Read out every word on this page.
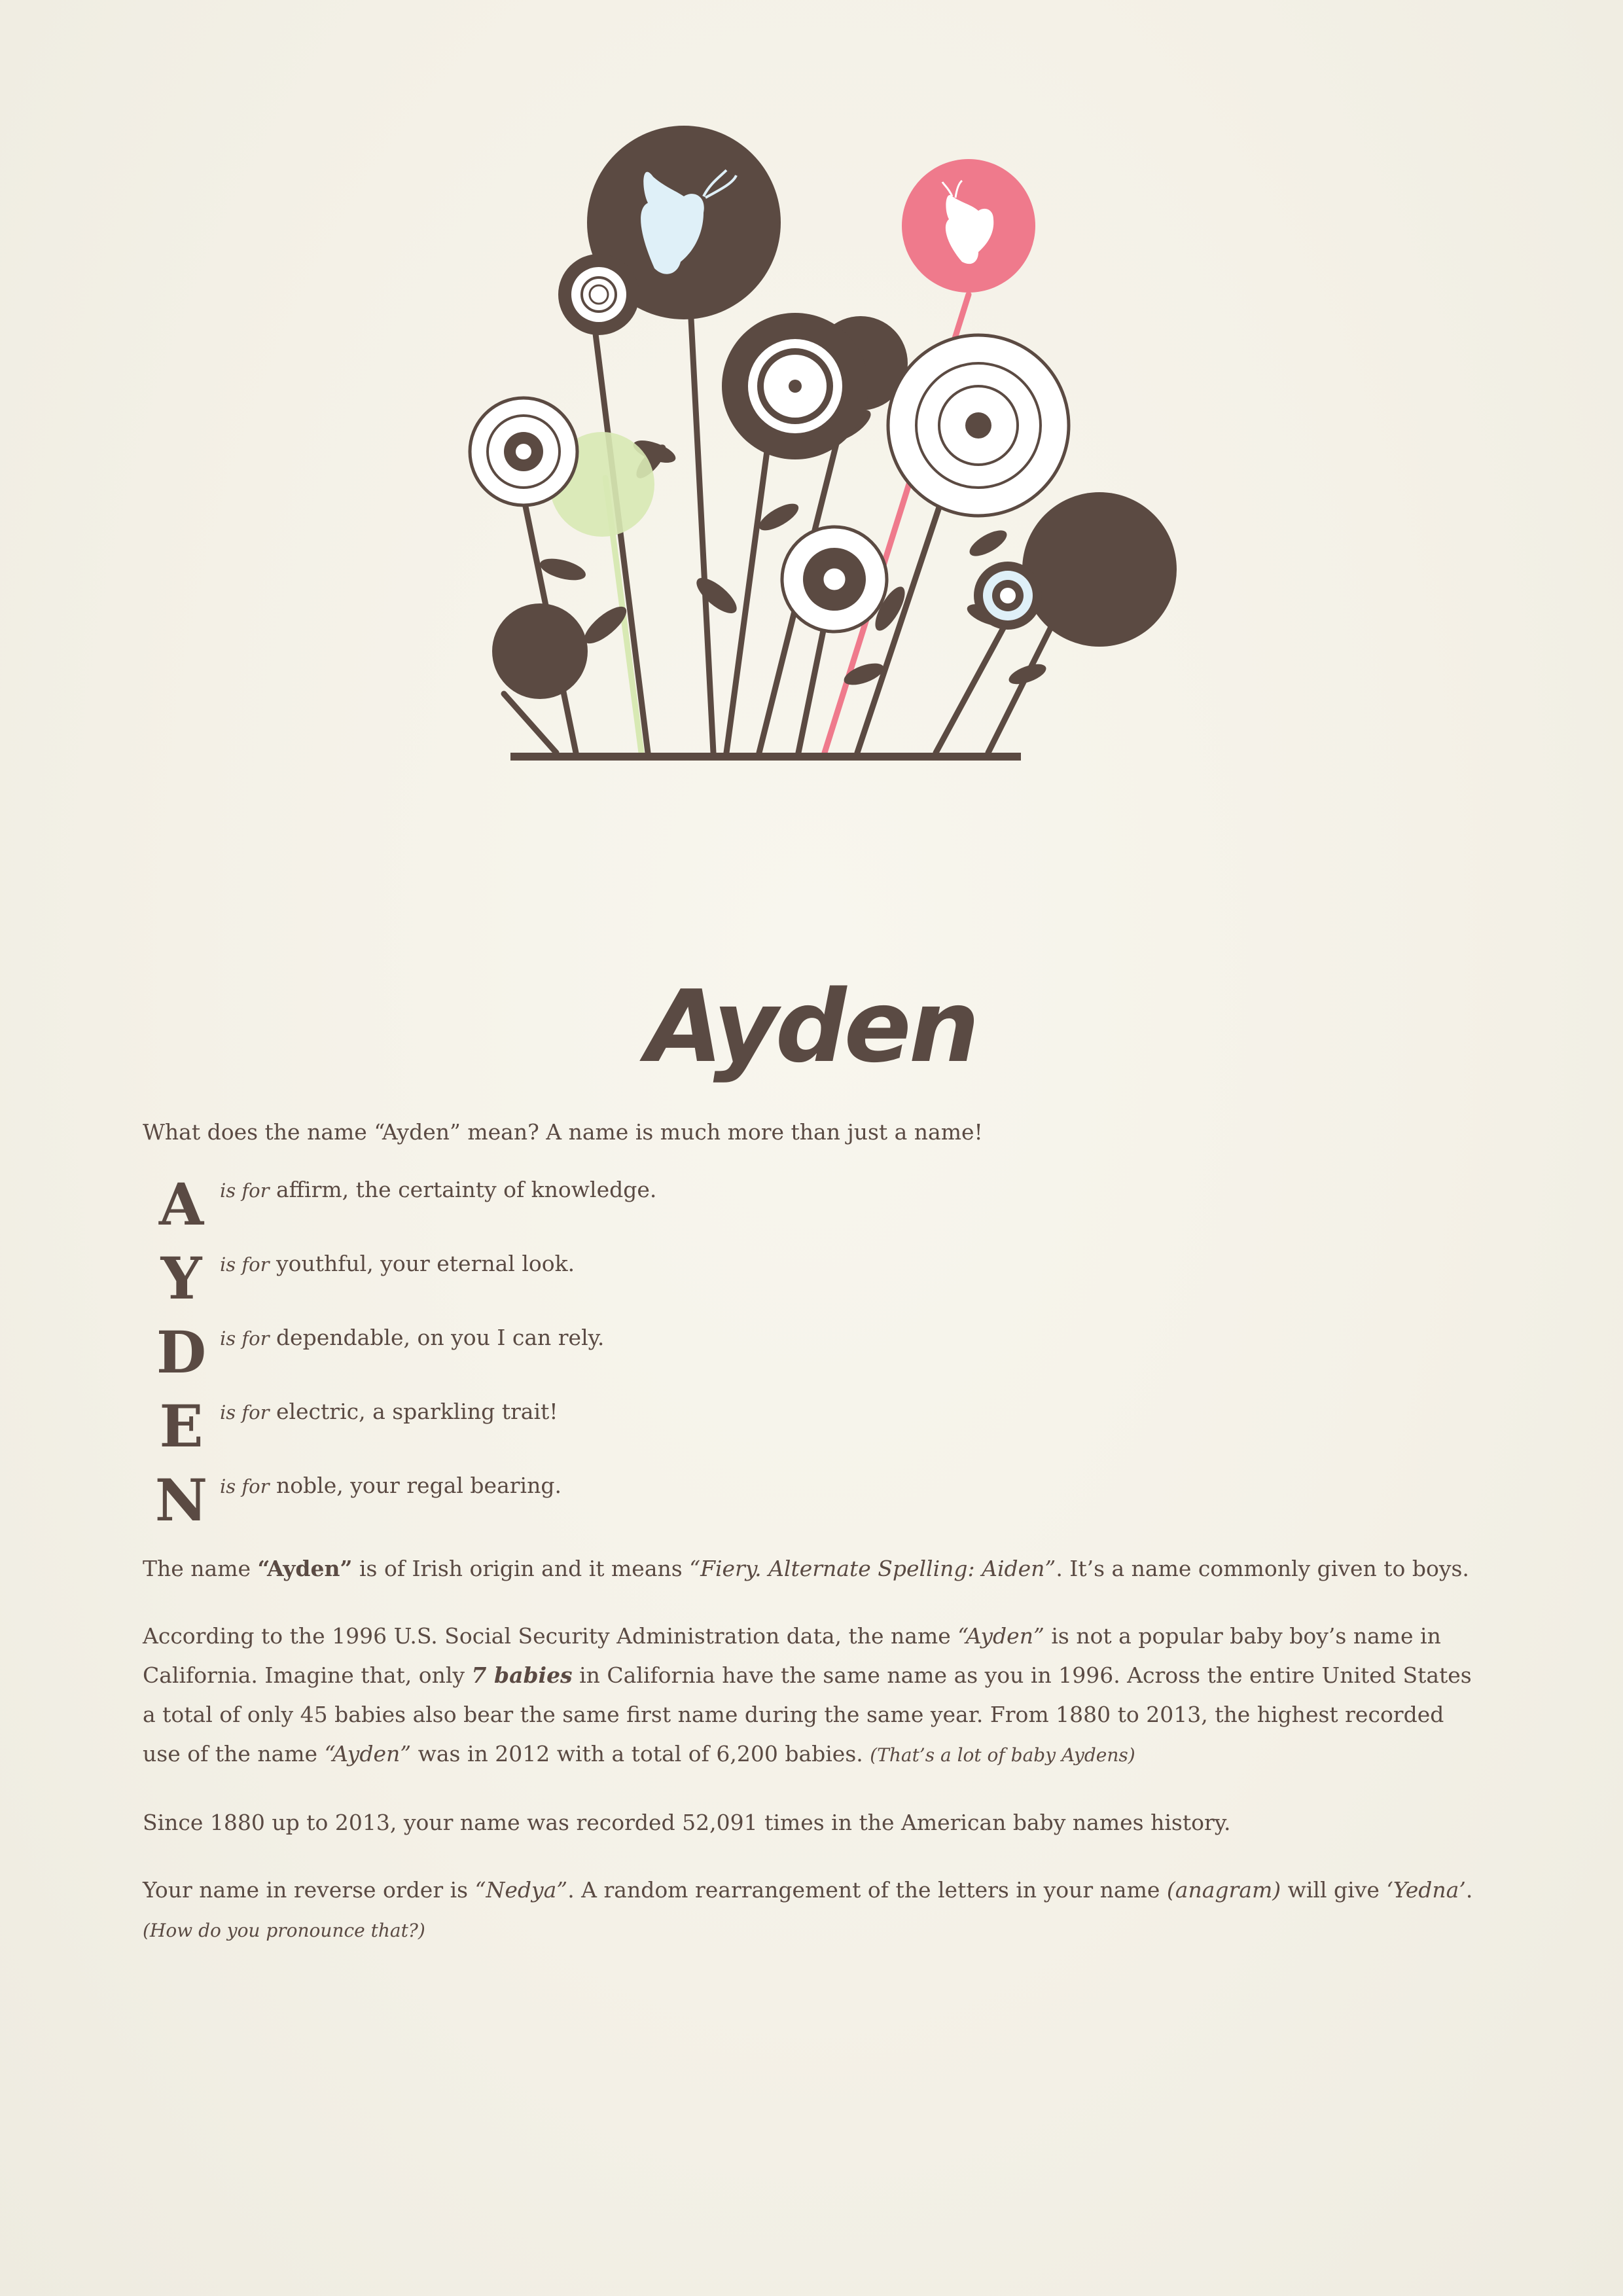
Ayden

What does the name “Ayden” mean? A name is much more than just a name!

A is for affirm, the certainty of knowledge.
Y is for youthful, your eternal look.
D is for dependable, on you I can rely.
E is for electric, a sparkling trait!
N is for noble, your regal bearing.

The name “Ayden” is of Irish origin and it means “Fiery. Alternate Spelling: Aiden”. It’s a name commonly given to boys.

According to the 1996 U.S. Social Security Administration data, the name “Ayden” is not a popular baby boy’s name in California. Imagine that, only 7 babies in California have the same name as you in 1996. Across the entire United States a total of only 45 babies also bear the same first name during the same year. From 1880 to 2013, the highest recorded use of the name “Ayden” was in 2012 with a total of 6,200 babies. (That’s a lot of baby Aydens)

Since 1880 up to 2013, your name was recorded 52,091 times in the American baby names history.

Your name in reverse order is “Nedya”. A random rearrangement of the letters in your name (anagram) will give ‘Yedna’. (How do you pronounce that?)
